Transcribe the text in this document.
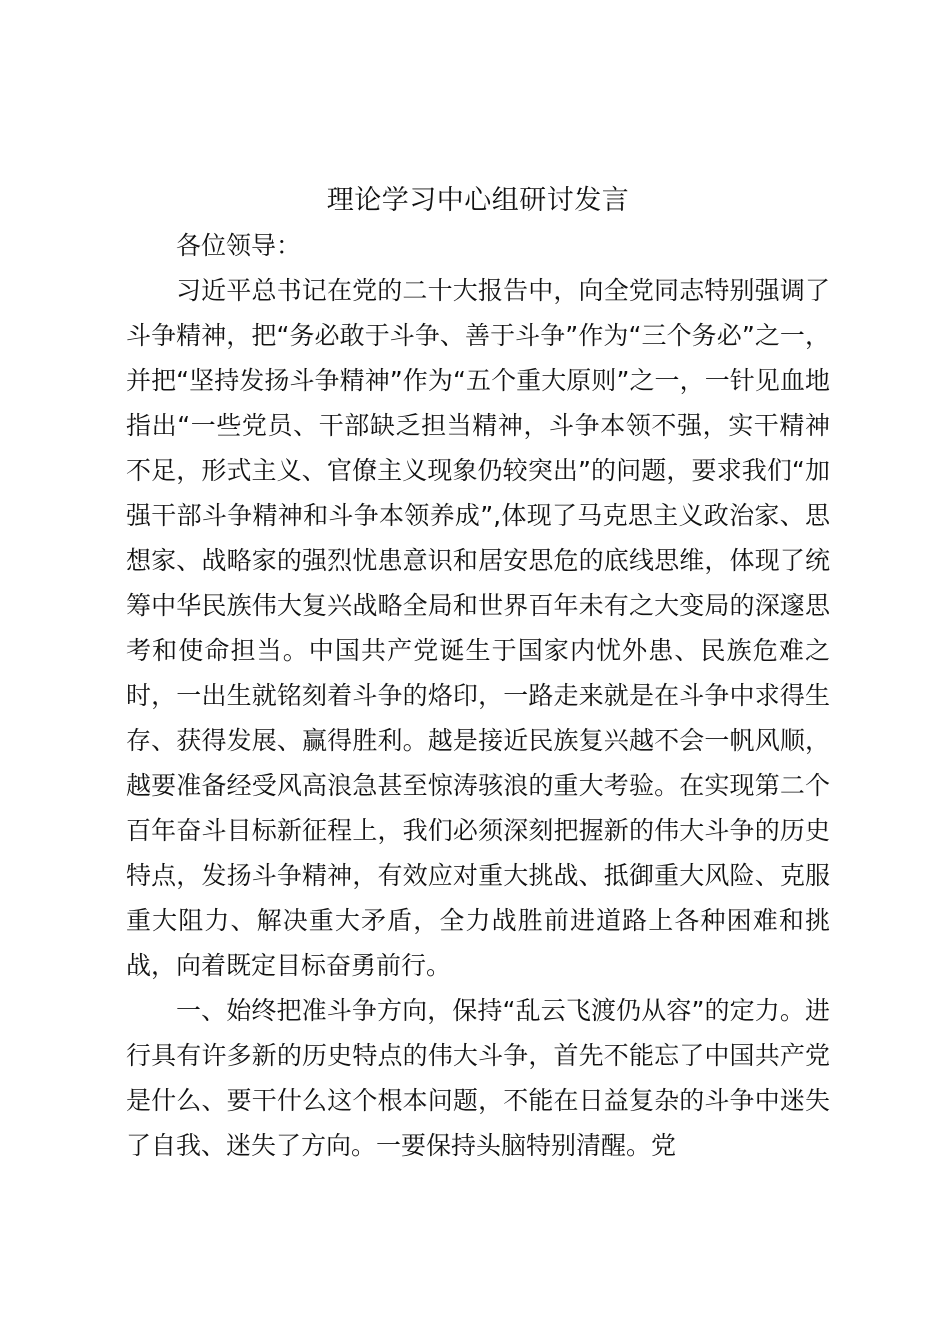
理论学习中心组研讨发言

各位领导：

习近平总书记在党的二十大报告中，向全党同志特别强调了斗争精神，把“务必敢于斗争、善于斗争”作为“三个务必”之一，并把“坚持发扬斗争精神”作为“五个重大原则”之一，一针见血地指出“一些党员、干部缺乏担当精神，斗争本领不强，实干精神不足，形式主义、官僚主义现象仍较突出”的问题，要求我们“加强干部斗争精神和斗争本领养成”,体现了马克思主义政治家、思想家、战略家的强烈忧患意识和居安思危的底线思维，体现了统筹中华民族伟大复兴战略全局和世界百年未有之大变局的深邃思考和使命担当。中国共产党诞生于国家内忧外患、民族危难之时，一出生就铭刻着斗争的烙印，一路走来就是在斗争中求得生存、获得发展、赢得胜利。越是接近民族复兴越不会一帆风顺，越要准备经受风高浪急甚至惊涛骇浪的重大考验。在实现第二个百年奋斗目标新征程上，我们必须深刻把握新的伟大斗争的历史特点，发扬斗争精神，有效应对重大挑战、抵御重大风险、克服重大阻力、解决重大矛盾，全力战胜前进道路上各种困难和挑战，向着既定目标奋勇前行。

一、始终把准斗争方向，保持“乱云飞渡仍从容”的定力。进行具有许多新的历史特点的伟大斗争，首先不能忘了中国共产党是什么、要干什么这个根本问题，不能在日益复杂的斗争中迷失了自我、迷失了方向。一要保持头脑特别清醒。党
